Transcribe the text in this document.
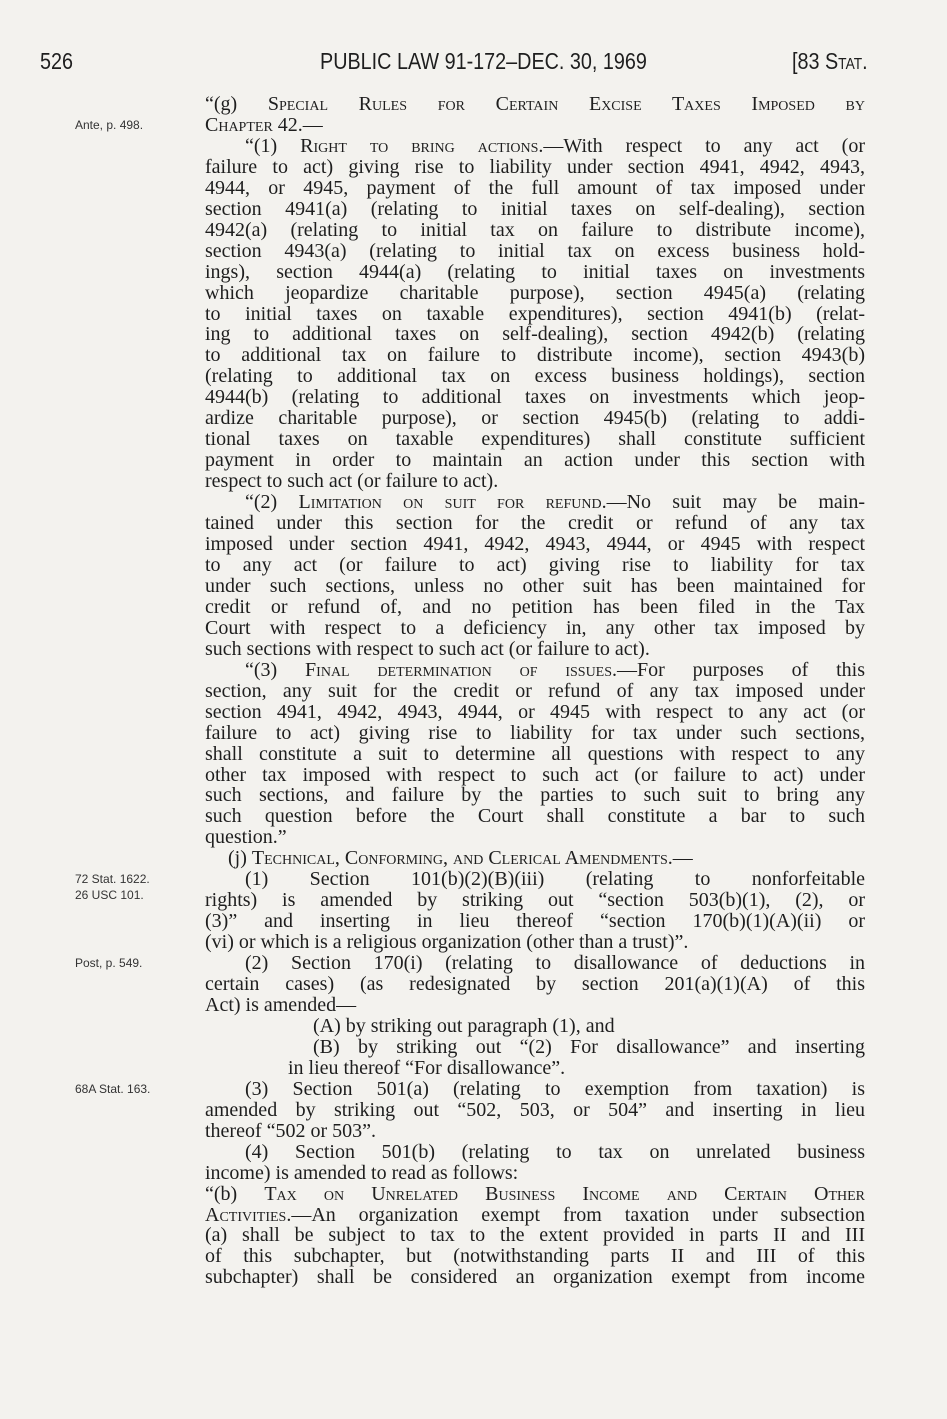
526	PUBLIC LAW 91-172–DEC. 30, 1969	[83 Stat.
Ante, p. 498.
72 Stat. 1622.
26 USC 101.
Post, p. 549.
68A Stat. 163.
“(g) Special Rules for Certain Excise Taxes Imposed by
Chapter 42.—
“(1) Right to bring actions.—With respect to any act (or
failure to act) giving rise to liability under section 4941, 4942, 4943,
4944, or 4945, payment of the full amount of tax imposed under
section 4941(a) (relating to initial taxes on self-dealing), section
4942(a) (relating to initial tax on failure to distribute income),
section 4943(a) (relating to initial tax on excess business hold-
ings), section 4944(a) (relating to initial taxes on investments
which jeopardize charitable purpose), section 4945(a) (relating
to initial taxes on taxable expenditures), section 4941(b) (relat-
ing to additional taxes on self-dealing), section 4942(b) (relating
to additional tax on failure to distribute income), section 4943(b)
(relating to additional tax on excess business holdings), section
4944(b) (relating to additional taxes on investments which jeop-
ardize charitable purpose), or section 4945(b) (relating to addi-
tional taxes on taxable expenditures) shall constitute sufficient
payment in order to maintain an action under this section with
respect to such act (or failure to act).
“(2) Limitation on suit for refund.—No suit may be main-
tained under this section for the credit or refund of any tax
imposed under section 4941, 4942, 4943, 4944, or 4945 with respect
to any act (or failure to act) giving rise to liability for tax
under such sections, unless no other suit has been maintained for
credit or refund of, and no petition has been filed in the Tax
Court with respect to a deficiency in, any other tax imposed by
such sections with respect to such act (or failure to act).
“(3) Final determination of issues.—For purposes of this
section, any suit for the credit or refund of any tax imposed under
section 4941, 4942, 4943, 4944, or 4945 with respect to any act (or
failure to act) giving rise to liability for tax under such sections,
shall constitute a suit to determine all questions with respect to any
other tax imposed with respect to such act (or failure to act) under
such sections, and failure by the parties to such suit to bring any
such question before the Court shall constitute a bar to such
question.”
(j) Technical, Conforming, and Clerical Amendments.—
(1) Section 101(b)(2)(B)(iii) (relating to nonforfeitable
rights) is amended by striking out “section 503(b)(1), (2), or
(3)” and inserting in lieu thereof “section 170(b)(1)(A)(ii) or
(vi) or which is a religious organization (other than a trust)”.
(2) Section 170(i) (relating to disallowance of deductions in
certain cases) (as redesignated by section 201(a)(1)(A) of this
Act) is amended—
(A) by striking out paragraph (1), and
(B) by striking out “(2) For disallowance” and inserting
in lieu thereof “For disallowance”.
(3) Section 501(a) (relating to exemption from taxation) is
amended by striking out “502, 503, or 504” and inserting in lieu
thereof “502 or 503”.
(4) Section 501(b) (relating to tax on unrelated business
income) is amended to read as follows:
“(b) Tax on Unrelated Business Income and Certain Other
Activities.—An organization exempt from taxation under subsection
(a) shall be subject to tax to the extent provided in parts II and III
of this subchapter, but (notwithstanding parts II and III of this
subchapter) shall be considered an organization exempt from income
